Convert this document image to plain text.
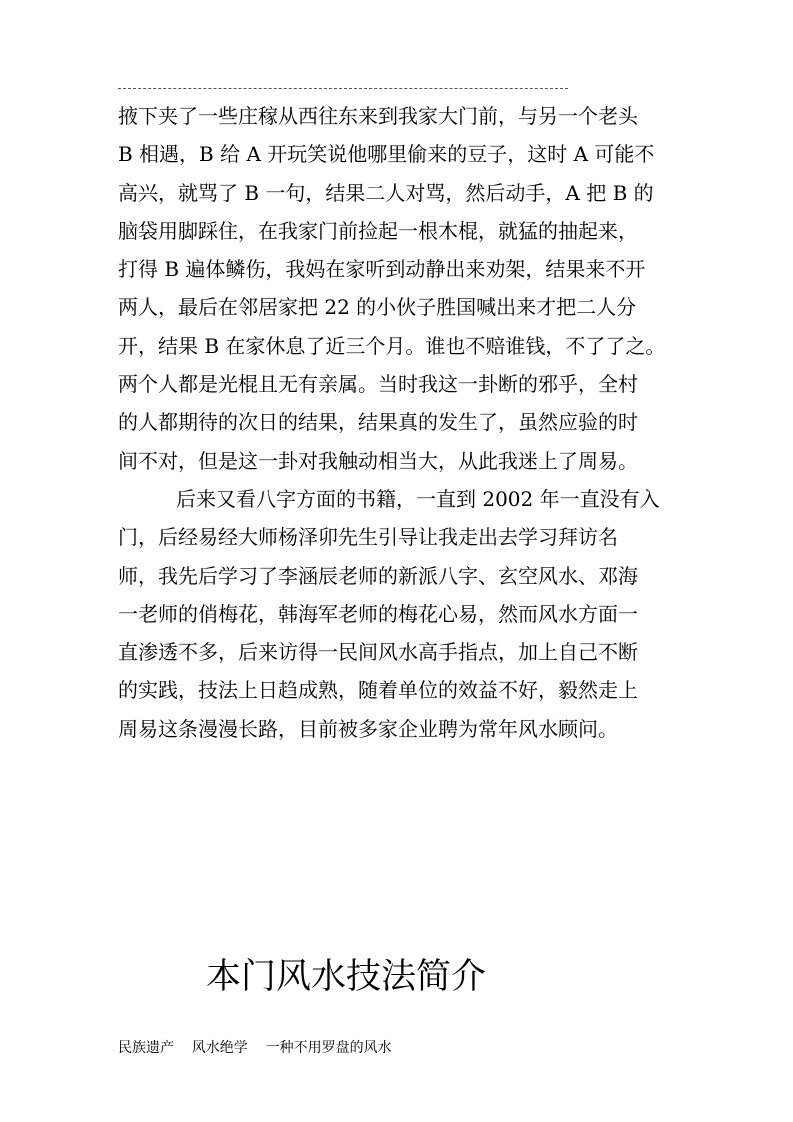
掖下夹了一些庄稼从西往东来到我家大门前，与另一个老头
B 相遇，B 给 A 开玩笑说他哪里偷来的豆子，这时 A 可能不
高兴，就骂了 B 一句，结果二人对骂，然后动手，A 把 B 的
脑袋用脚踩住，在我家门前捡起一根木棍，就猛的抽起来，
打得 B 遍体鳞伤，我妈在家听到动静出来劝架，结果来不开
两人，最后在邻居家把 22 的小伙子胜国喊出来才把二人分
开，结果 B 在家休息了近三个月。谁也不赔谁钱，不了了之。
两个人都是光棍且无有亲属。当时我这一卦断的邪乎，全村
的人都期待的次日的结果，结果真的发生了，虽然应验的时
间不对，但是这一卦对我触动相当大，从此我迷上了周易。
后来又看八字方面的书籍，一直到 2002 年一直没有入
门，后经易经大师杨泽卯先生引导让我走出去学习拜访名
师，我先后学习了李涵辰老师的新派八字、玄空风水、邓海
一老师的俏梅花，韩海军老师的梅花心易，然而风水方面一
直渗透不多，后来访得一民间风水高手指点，加上自己不断
的实践，技法上日趋成熟，随着单位的效益不好，毅然走上
周易这条漫漫长路，目前被多家企业聘为常年风水顾问。
本门风水技法简介
民族遗产    风水绝学    一种不用罗盘的风水
